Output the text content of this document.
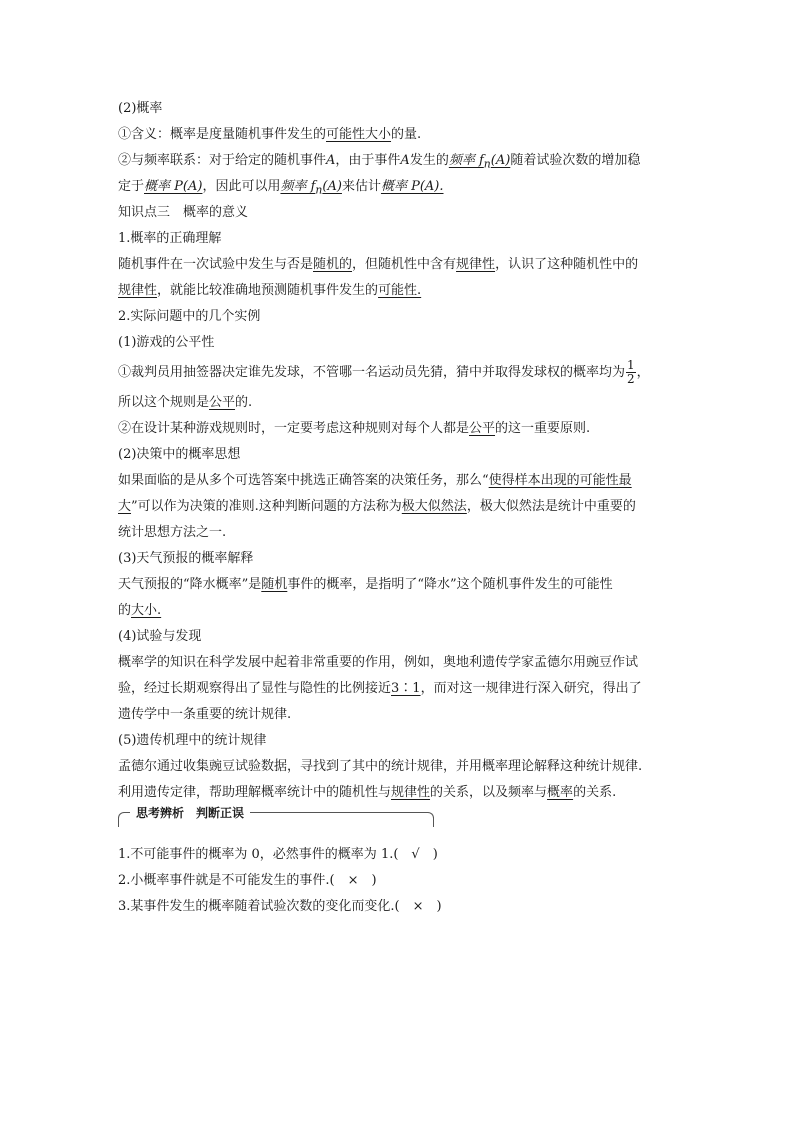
(2)概率
①含义：概率是度量随机事件发生的可能性大小的量.
②与频率联系：对于给定的随机事件A，由于事件A发生的频率 $f_n(A)$随着试验次数的增加稳
定于概率 P(A)，因此可以用频率 $f_n(A)$来估计概率 P(A).
知识点三　概率的意义
1.概率的正确理解
随机事件在一次试验中发生与否是随机的，但随机性中含有规律性，认识了这种随机性中的
规律性，就能比较准确地预测随机事件发生的可能性.
2.实际问题中的几个实例
(1)游戏的公平性
①裁判员用抽签器决定谁先发球，不管哪一名运动员先猜，猜中并取得发球权的概率均为 $\frac{1}{2}$ ，
所以这个规则是公平的.
②在设计某种游戏规则时，一定要考虑这种规则对每个人都是公平的这一重要原则.
(2)决策中的概率思想
如果面临的是从多个可选答案中挑选正确答案的决策任务，那么“使得样本出现的可能性最
大”可以作为决策的准则.这种判断问题的方法称为极大似然法，极大似然法是统计中重要的
统计思想方法之一.
(3)天气预报的概率解释
天气预报的“降水概率”是随机事件的概率，是指明了“降水”这个随机事件发生的可能性
的大小.
(4)试验与发现
概率学的知识在科学发展中起着非常重要的作用，例如，奥地利遗传学家孟德尔用豌豆作试
验，经过长期观察得出了显性与隐性的比例接近3∶1，而对这一规律进行深入研究，得出了
遗传学中一条重要的统计规律.
(5)遗传机理中的统计规律
孟德尔通过收集豌豆试验数据，寻找到了其中的统计规律，并用概率理论解释这种统计规律.
利用遗传定律，帮助理解概率统计中的随机性与规律性的关系，以及频率与概率的关系.
思考辨析　判断正误
1.不可能事件的概率为 0，必然事件的概率为 1.(　√　)
2.小概率事件就是不可能发生的事件.(　×　)
3.某事件发生的概率随着试验次数的变化而变化.(　×　)
